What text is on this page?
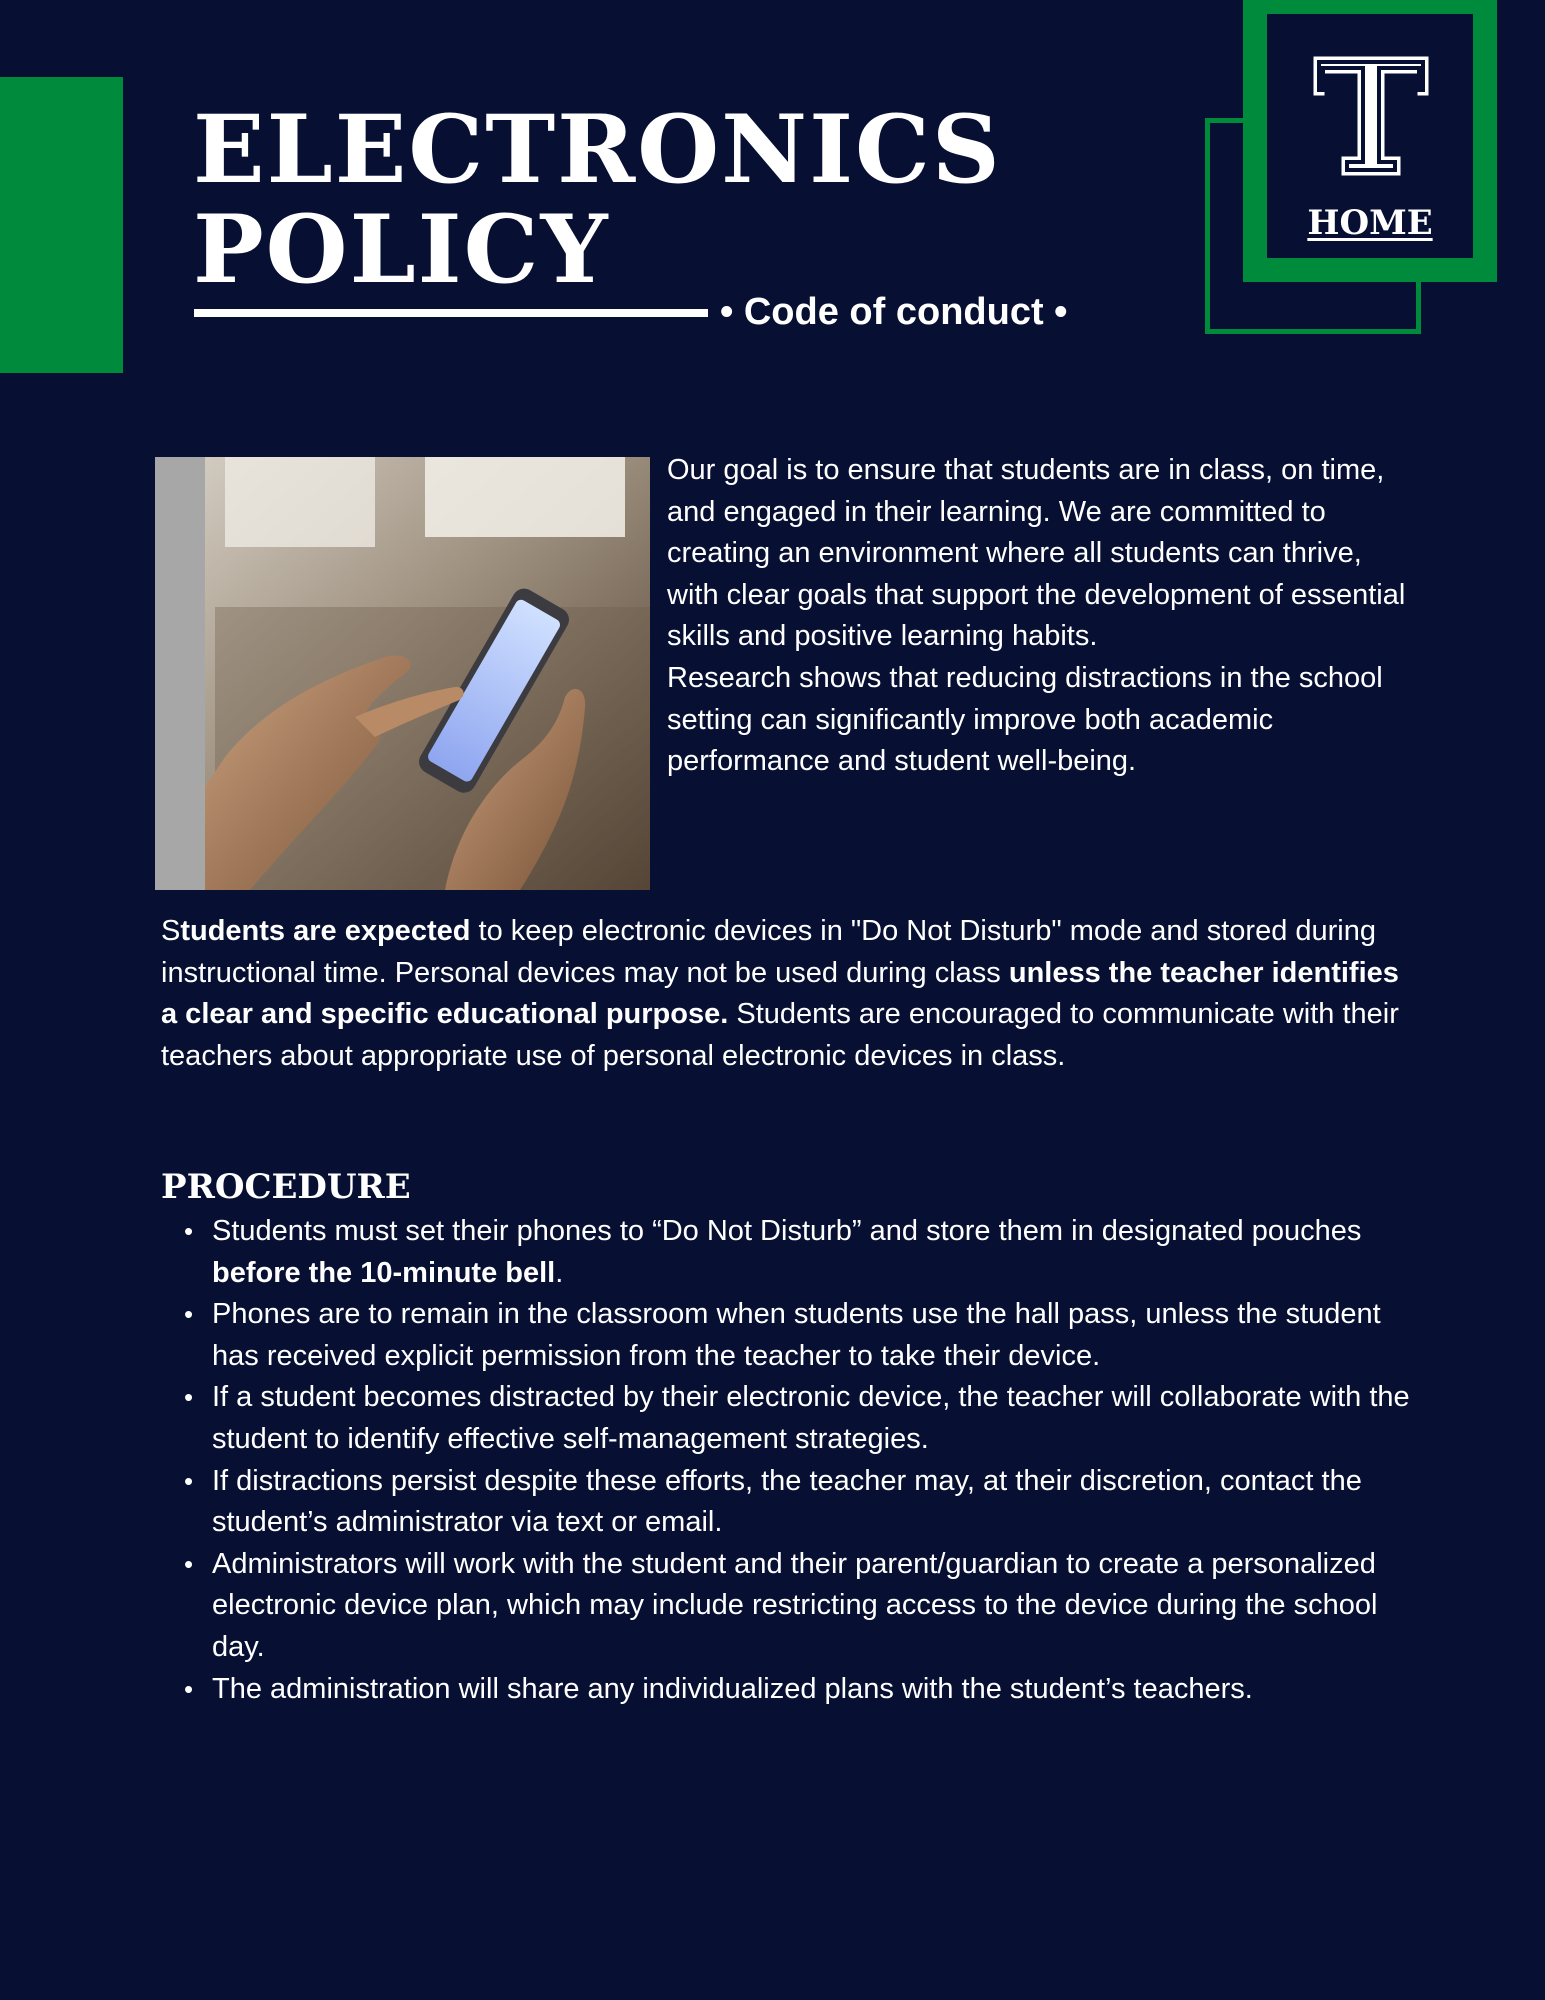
ELECTRONICS
POLICY
• Code of conduct •
HOME

Our goal is to ensure that students are in class, on time, and engaged in their learning. We are committed to creating an environment where all students can thrive, with clear goals that support the development of essential skills and positive learning habits.

Research shows that reducing distractions in the school setting can significantly improve both academic performance and student well-being.

Students are expected to keep electronic devices in "Do Not Disturb" mode and stored during instructional time. Personal devices may not be used during class unless the teacher identifies a clear and specific educational purpose. Students are encouraged to communicate with their teachers about appropriate use of personal electronic devices in class.

PROCEDURE
• Students must set their phones to “Do Not Disturb” and store them in designated pouches before the 10-minute bell.
• Phones are to remain in the classroom when students use the hall pass, unless the student has received explicit permission from the teacher to take their device.
• If a student becomes distracted by their electronic device, the teacher will collaborate with the student to identify effective self-management strategies.
• If distractions persist despite these efforts, the teacher may, at their discretion, contact the student’s administrator via text or email.
• Administrators will work with the student and their parent/guardian to create a personalized electronic device plan, which may include restricting access to the device during the school day.
• The administration will share any individualized plans with the student’s teachers.
